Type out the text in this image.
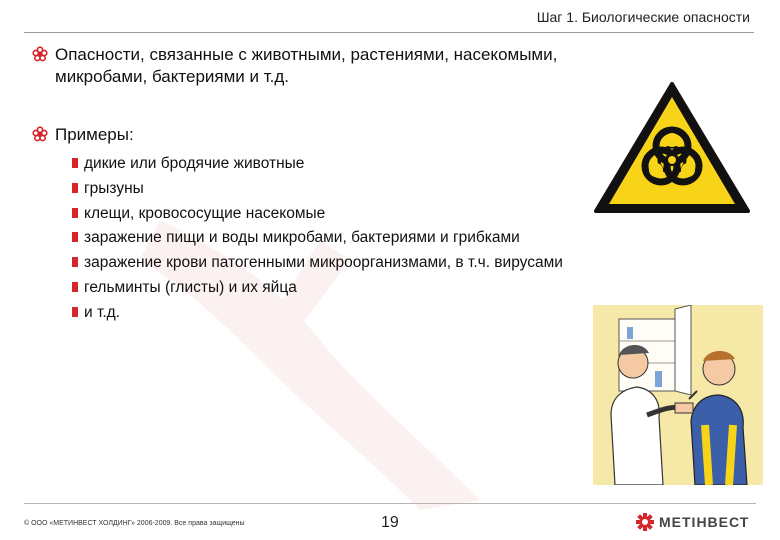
Шаг 1. Биологические опасности
Опасности, связанные с животными, растениями, насекомыми,
микробами, бактериями и т.д.
Примеры:
дикие или бродячие животные
грызуны
клещи, кровососущие насекомые
заражение пищи и воды микробами, бактериями и грибками
заражение крови патогенными микроорганизмами, в т.ч. вирусами
гельминты (глисты) и их яйца
и т.д.
© ООО «МЕТИНВЕСТ ХОЛДИНГ» 2006-2009. Все права защищены	19	МЕТІНВЕСТ
